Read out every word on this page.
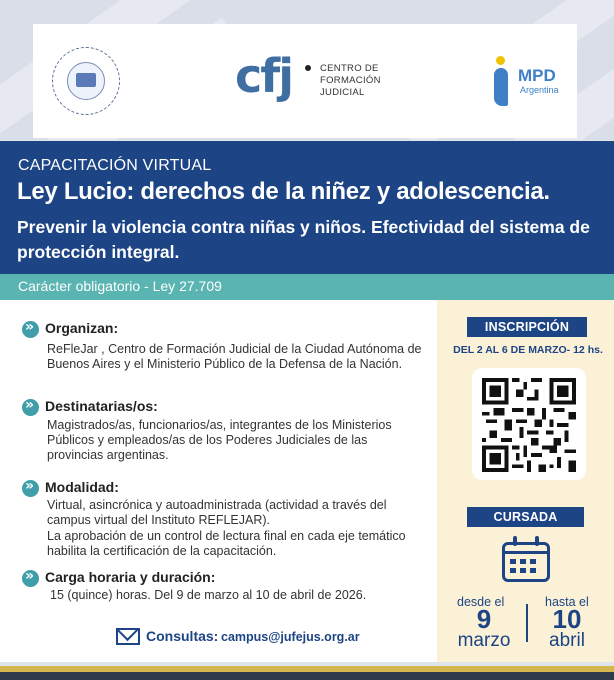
cfj	CENTRO DE
FORMACIÓN
JUDICIAL
MPD
Argentina
CAPACITACIÓN VIRTUAL
Ley Lucio: derechos de la niñez y adolescencia.
Prevenir la violencia contra niñas y niños. Efectividad del sistema de protección integral.
Carácter obligatorio - Ley 27.709
»
Organizan:
ReFleJar , Centro de Formación Judicial de la Ciudad Autónoma de Buenos Aires y el Ministerio Público de la Defensa de la Nación.
»
Destinatarias/os:
Magistrados/as, funcionarios/as, integrantes de los Ministerios Públicos y empleados/as de los Poderes Judiciales de las provincias argentinas.
»
Modalidad:
Virtual, asincrónica y autoadministrada (actividad a través del campus virtual del Instituto REFLEJAR).
La aprobación de un control de lectura final en cada eje temático habilita la certificación de la capacitación.
»
Carga horaria y duración:
15 (quince) horas. Del 9 de marzo al 10 de abril de 2026.
Consultas: campus@jufejus.org.ar
INSCRIPCIÓN
DEL 2 AL 6 DE MARZO- 12 hs.
CURSADA
desde el
9
marzo
hasta el
10
abril
